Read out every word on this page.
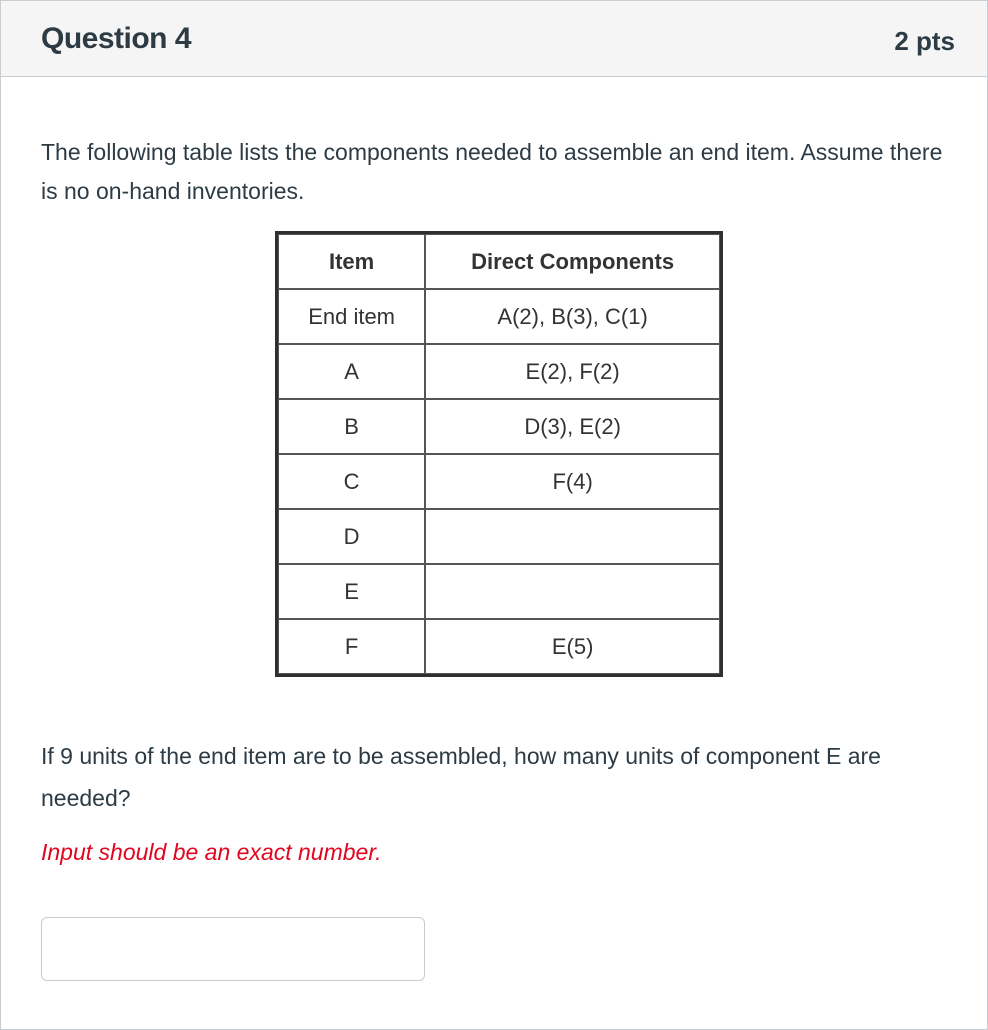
Question 4	2 pts
The following table lists the components needed to assemble an end item. Assume there is no on-hand inventories.
Item	Direct Components
End item	A(2), B(3), C(1)
A	E(2), F(2)
B	D(3), E(2)
C	F(4)
D	
E	
F	E(5)
If 9 units of the end item are to be assembled, how many units of component E are needed?
Input should be an exact number.
